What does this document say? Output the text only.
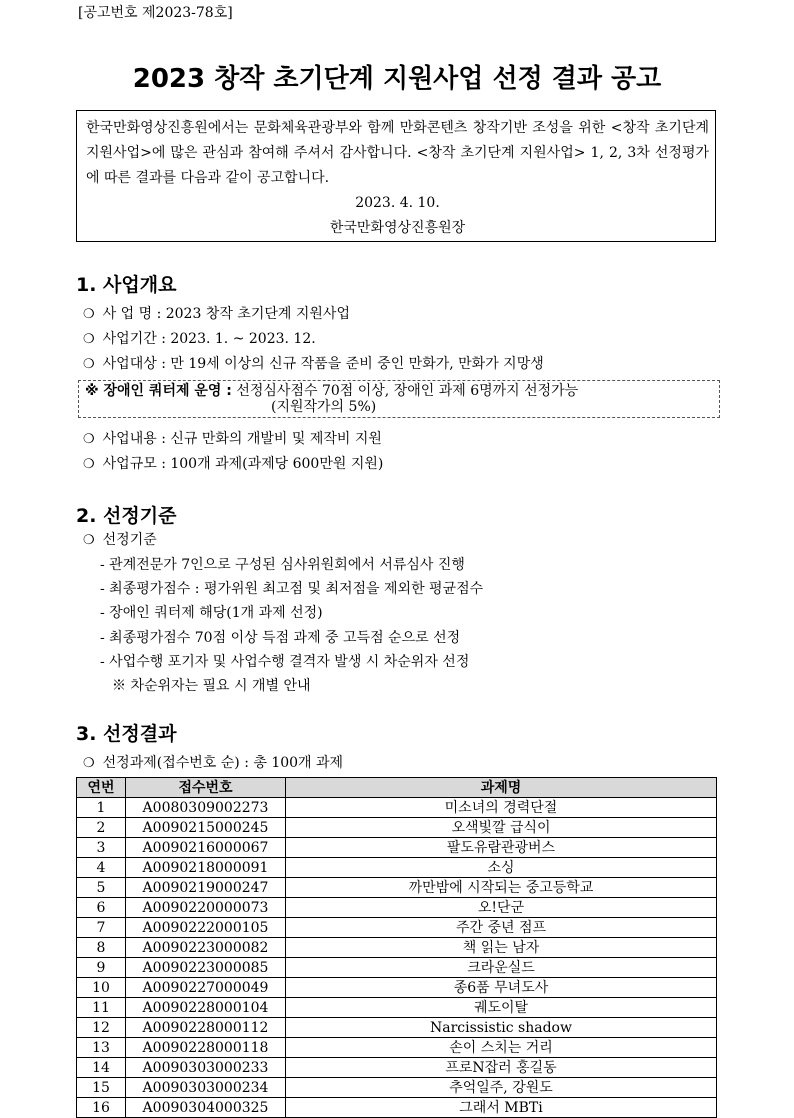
[공고번호 제2023-78호]
2023 창작 초기단계 지원사업 선정 결과 공고
한국만화영상진흥원에서는 문화체육관광부와 함께 만화콘텐츠 창작기반 조성을 위한 <창작 초기단계 지원사업>에 많은 관심과 참여해 주셔서 감사합니다. <창작 초기단계 지원사업> 1, 2, 3차 선정평가에 따른 결과를 다음과 같이 공고합니다.
2023. 4. 10.
한국만화영상진흥원장
1. 사업개요
❍ 사 업 명 : 2023 창작 초기단계 지원사업
❍ 사업기간 : 2023. 1. ~ 2023. 12.
❍ 사업대상 : 만 19세 이상의 신규 작품을 준비 중인 만화가, 만화가 지망생
※ 장애인 쿼터제 운영 : 선정심사점수 70점 이상, 장애인 과제 6명까지 선정가능
(지원작가의 5%)
❍ 사업내용 : 신규 만화의 개발비 및 제작비 지원
❍ 사업규모 : 100개 과제(과제당 600만원 지원)
2. 선정기준
❍ 선정기준
- 관계전문가 7인으로 구성된 심사위원회에서 서류심사 진행
- 최종평가점수 : 평가위원 최고점 및 최저점을 제외한 평균점수
- 장애인 쿼터제 해당(1개 과제 선정)
- 최종평가점수 70점 이상 득점 과제 중 고득점 순으로 선정
- 사업수행 포기자 및 사업수행 결격자 발생 시 차순위자 선정
※ 차순위자는 필요 시 개별 안내
3. 선정결과
❍ 선정과제(접수번호 순) : 총 100개 과제
연번	접수번호	과제명
1	A0080309002273	미소녀의 경력단절
2	A0090215000245	오색빛깔 급식이
3	A0090216000067	팔도유람관광버스
4	A0090218000091	소싱
5	A0090219000247	까만밤에 시작되는 중고등학교
6	A0090220000073	오!단군
7	A0090222000105	주간 중년 점프
8	A0090223000082	책 읽는 남자
9	A0090223000085	크라운실드
10	A0090227000049	종6품 무녀도사
11	A0090228000104	궤도이탈
12	A0090228000112	Narcissistic shadow
13	A0090228000118	손이 스치는 거리
14	A0090303000233	프로N잡러 홍길동
15	A0090303000234	추억일주, 강원도
16	A0090304000325	그래서 MBTi
